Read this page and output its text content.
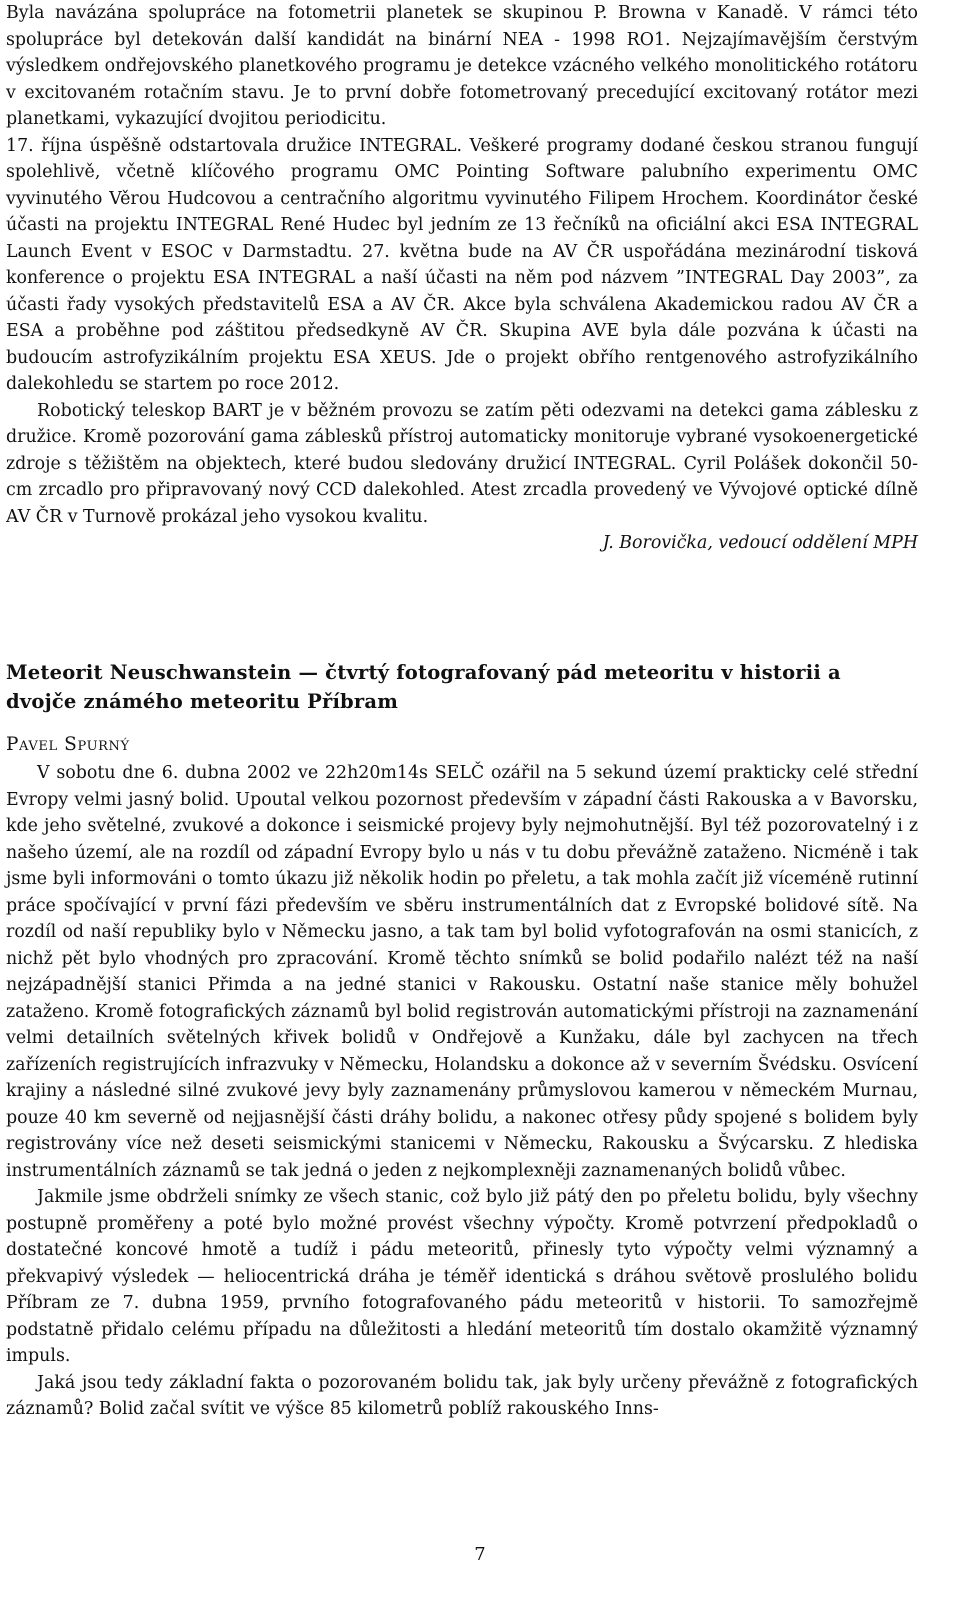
Byla navázána spolupráce na fotometrii planetek se skupinou P. Browna v Kanadě. V rámci této spolupráce byl detekován další kandidát na binární NEA - 1998 RO1. Nejzajímavějším čerstvým výsledkem ondřejovského planetkového programu je detekce vzácného velkého monolitického rotátoru v excitovaném rotačním stavu. Je to první dobře fotometrovaný precedující excitovaný rotátor mezi planetkami, vykazující dvojitou periodicitu.

17. října úspěšně odstartovala družice INTEGRAL. Veškeré programy dodané českou stranou fungují spolehlivě, včetně klíčového programu OMC Pointing Software palubního experimentu OMC vyvinutého Věrou Hudcovou a centračního algoritmu vyvinutého Filipem Hrochem. Koordinátor české účasti na projektu INTEGRAL René Hudec byl jedním ze 13 řečníků na oficiální akci ESA INTEGRAL Launch Event v ESOC v Darmstadtu. 27. května bude na AV ČR uspořádána mezinárodní tisková konference o projektu ESA INTEGRAL a naší účasti na něm pod názvem ”INTEGRAL Day 2003”, za účasti řady vysokých představitelů ESA a AV ČR. Akce byla schválena Akademickou radou AV ČR a ESA a proběhne pod záštitou předsedkyně AV ČR. Skupina AVE byla dále pozvána k účasti na budoucím astrofyzikálním projektu ESA XEUS. Jde o projekt obřího rentgenového astrofyzikálního dalekohledu se startem po roce 2012.

Robotický teleskop BART je v běžném provozu se zatím pěti odezvami na detekci gama záblesku z družice. Kromě pozorování gama záblesků přístroj automaticky monitoruje vybrané vysokoenergetické zdroje s těžištěm na objektech, které budou sledovány družicí INTEGRAL. Cyril Polášek dokončil 50-cm zrcadlo pro připravovaný nový CCD dalekohled. Atest zrcadla provedený ve Vývojové optické dílně AV ČR v Turnově prokázal jeho vysokou kvalitu.

J. Borovička, vedoucí oddělení MPH

Meteorit Neuschwanstein — čtvrtý fotografovaný pád meteoritu v historii a dvojče známého meteoritu Příbram
Pavel Spurný

V sobotu dne 6. dubna 2002 ve 22h20m14s SELČ ozářil na 5 sekund území prakticky celé střední Evropy velmi jasný bolid. Upoutal velkou pozornost především v západní části Rakouska a v Bavorsku, kde jeho světelné, zvukové a dokonce i seismické projevy byly nejmohutnější. Byl též pozorovatelný i z našeho území, ale na rozdíl od západní Evropy bylo u nás v tu dobu převážně zataženo. Nicméně i tak jsme byli informováni o tomto úkazu již několik hodin po přeletu, a tak mohla začít již víceméně rutinní práce spočívající v první fázi především ve sběru instrumentálních dat z Evropské bolidové sítě. Na rozdíl od naší republiky bylo v Německu jasno, a tak tam byl bolid vyfotografován na osmi stanicích, z nichž pět bylo vhodných pro zpracování. Kromě těchto snímků se bolid podařilo nalézt též na naší nejzápadnější stanici Přimda a na jedné stanici v Rakousku. Ostatní naše stanice měly bohužel zataženo. Kromě fotografických záznamů byl bolid registrován automatickými přístroji na zaznamenání velmi detailních světelných křivek bolidů v Ondřejově a Kunžaku, dále byl zachycen na třech zařízeních registrujících infrazvuky v Německu, Holandsku a dokonce až v severním Švédsku. Osvícení krajiny a následné silné zvukové jevy byly zaznamenány průmyslovou kamerou v německém Murnau, pouze 40 km severně od nejjasnější části dráhy bolidu, a nakonec otřesy půdy spojené s bolidem byly registrovány více než deseti seismickými stanicemi v Německu, Rakousku a Švýcarsku. Z hlediska instrumentálních záznamů se tak jedná o jeden z nejkomplexněji zaznamenaných bolidů vůbec.

Jakmile jsme obdrželi snímky ze všech stanic, což bylo již pátý den po přeletu bolidu, byly všechny postupně proměřeny a poté bylo možné provést všechny výpočty. Kromě potvrzení předpokladů o dostatečné koncové hmotě a tudíž i pádu meteoritů, přinesly tyto výpočty velmi významný a překvapivý výsledek — heliocentrická dráha je téměř identická s dráhou světově proslulého bolidu Příbram ze 7. dubna 1959, prvního fotografovaného pádu meteoritů v historii. To samozřejmě podstatně přidalo celému případu na důležitosti a hledání meteoritů tím dostalo okamžitě významný impuls.

Jaká jsou tedy základní fakta o pozorovaném bolidu tak, jak byly určeny převážně z fotografických záznamů? Bolid začal svítit ve výšce 85 kilometrů poblíž rakouského Inns-

7
